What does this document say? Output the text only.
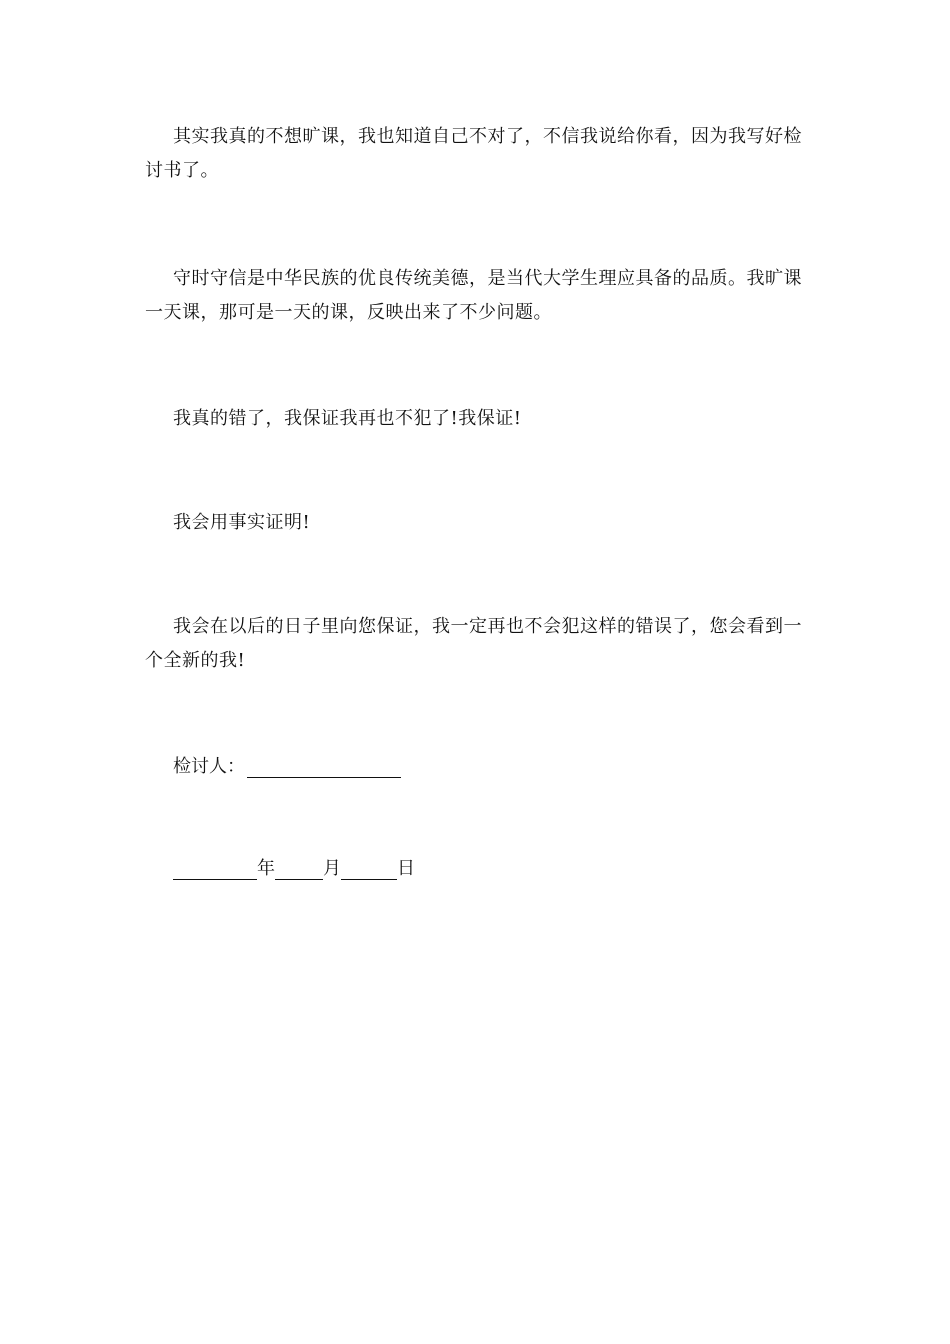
其实我真的不想旷课，我也知道自己不对了，不信我说给你看，因为我写好检讨书了。

守时守信是中华民族的优良传统美德，是当代大学生理应具备的品质。我旷课一天课，那可是一天的课，反映出来了不少问题。

我真的错了，我保证我再也不犯了!我保证!

我会用事实证明!

我会在以后的日子里向您保证，我一定再也不会犯这样的错误了，您会看到一个全新的我!

检讨人：
年	月	日
